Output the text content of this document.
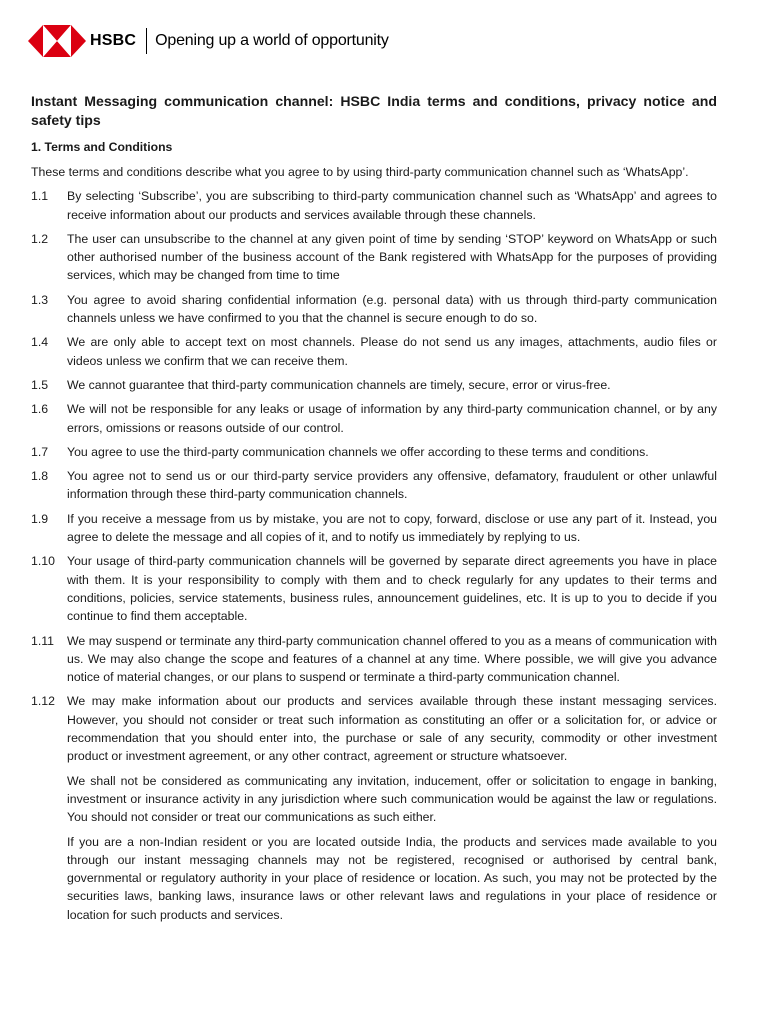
HSBC Opening up a world of opportunity
Instant Messaging communication channel: HSBC India terms and conditions, privacy notice and safety tips
1. Terms and Conditions
These terms and conditions describe what you agree to by using third-party communication channel such as ‘WhatsApp’.
1.1	By selecting ‘Subscribe’, you are subscribing to third-party communication channel such as ‘WhatsApp’ and agrees to receive information about our products and services available through these channels.
1.2	The user can unsubscribe to the channel at any given point of time by sending ‘STOP’ keyword on WhatsApp or such other authorised number of the business account of the Bank registered with WhatsApp for the purposes of providing services, which may be changed from time to time
1.3	You agree to avoid sharing confidential information (e.g. personal data) with us through third-party communication channels unless we have confirmed to you that the channel is secure enough to do so.
1.4	We are only able to accept text on most channels. Please do not send us any images, attachments, audio files or videos unless we confirm that we can receive them.
1.5	We cannot guarantee that third-party communication channels are timely, secure, error or virus-free.
1.6	We will not be responsible for any leaks or usage of information by any third-party communication channel, or by any errors, omissions or reasons outside of our control.
1.7	You agree to use the third-party communication channels we offer according to these terms and conditions.
1.8	You agree not to send us or our third-party service providers any offensive, defamatory, fraudulent or other unlawful information through these third-party communication channels.
1.9	If you receive a message from us by mistake, you are not to copy, forward, disclose or use any part of it. Instead, you agree to delete the message and all copies of it, and to notify us immediately by replying to us.
1.10 Your usage of third-party communication channels will be governed by separate direct agreements you have in place with them. It is your responsibility to comply with them and to check regularly for any updates to their terms and conditions, policies, service statements, business rules, announcement guidelines, etc. It is up to you to decide if you continue to find them acceptable.
1.11	We may suspend or terminate any third-party communication channel offered to you as a means of communication with us. We may also change the scope and features of a channel at any time. Where possible, we will give you advance notice of material changes, or our plans to suspend or terminate a third-party communication channel.
1.12 We may make information about our products and services available through these instant messaging services. However, you should not consider or treat such information as constituting an offer or a solicitation for, or advice or recommendation that you should enter into, the purchase or sale of any security, commodity or other investment product or investment agreement, or any other contract, agreement or structure whatsoever.
We shall not be considered as communicating any invitation, inducement, offer or solicitation to engage in banking, investment or insurance activity in any jurisdiction where such communication would be against the law or regulations. You should not consider or treat our communications as such either.
If you are a non-Indian resident or you are located outside India, the products and services made available to you through our instant messaging channels may not be registered, recognised or authorised by central bank, governmental or regulatory authority in your place of residence or location. As such, you may not be protected by the securities laws, banking laws, insurance laws or other relevant laws and regulations in your place of residence or location for such products and services.
